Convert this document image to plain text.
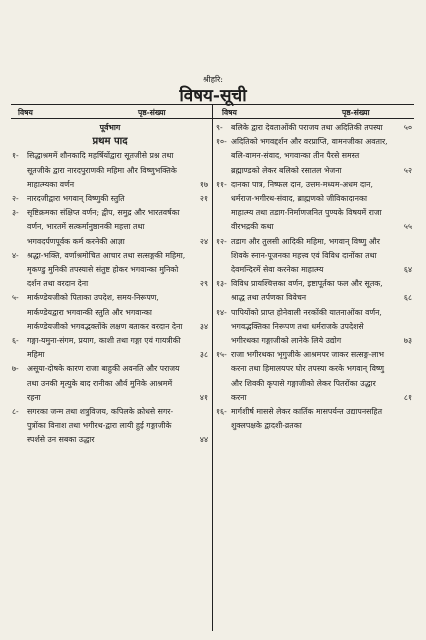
श्रीहरि:
विषय-सूची
विषय	पृष्ठ-संख्या	विषय	पृष्ठ-संख्या
पूर्वभाग
प्रथम पाद
१- सिद्धाश्रममें शौनकादि महर्षियोंद्वारा सूतजीसे प्रश्न तथा सूतजीके द्वारा नारदपुराणकी महिमा और विष्णुभक्तिके माहात्म्यका वर्णन	१७
२- नारदजीद्वारा भगवान् विष्णुकी स्तुति	२१
३- सृष्टिक्रमका संक्षिप्त वर्णन; द्वीप, समुद्र और भारतवर्षका वर्णन, भारतमें सत्कर्मानुष्ठानकी महत्ता तथा भगवदर्पणपूर्वक कर्म करनेकी आज्ञा	२४
४- श्रद्धा-भक्ति, वर्णाश्रमोचित आचार तथा सत्सङ्गकी महिमा, मृकण्डु मुनिकी तपस्यासे संतुष्ट होकर भगवान्का मुनिको दर्शन तथा वरदान देना	२९
५- मार्कण्डेयजीको पिताका उपदेश, समय-निरूपण, मार्कण्डेयद्वारा भगवान्की स्तुति और भगवान्का मार्कण्डेयजीको भगवद्भक्तोंके लक्षण बताकर वरदान देना ३४
६- गङ्गा-यमुना-संगम, प्रयाग, काशी तथा गङ्गा एवं गायत्रीकी महिमा	३८
७- असूया-दोषके कारण राजा बाहुकी अवनति और पराजय तथा उनकी मृत्युके बाद रानीका और्व मुनिके आश्रममें रहना	४१
८- सगरका जन्म तथा शत्रुविजय, कपिलके क्रोधसे सगर-पुत्रोंका विनाश तथा भगीरथ-द्वारा लायी हुई गङ्गाजीके स्पर्शसे उन सबका उद्धार	४४
९- बलिके द्वारा देवताओंकी पराजय तथा अदितिकी तपस्या	५०
१०- अदितिको भगवद्दर्शन और वरप्राप्ति, वामनजीका अवतार, बलि-वामन-संवाद, भगवान्का तीन पैरसे समस्त ब्रह्माण्डको लेकर बलिको रसातल भेजना	५२
११- दानका पात्र, निष्फल दान, उत्तम-मध्यम-अधम दान, धर्मराज-भगीरथ-संवाद, ब्राह्मणको जीविकादानका माहात्म्य तथा तडाग-निर्माणजनित पुण्यके विषयमें राजा वीरभद्रकी कथा	५५
१२- तडाग और तुलसी आदिकी महिमा, भगवान् विष्णु और शिवके स्नान-पूजनका महत्त्व एवं विविध दानोंका तथा देवमन्दिरमें सेवा करनेका माहात्म्य	६४
१३- विविध प्रायश्चित्तका वर्णन, इष्टापूर्तका फल और सूतक, श्राद्ध तथा तर्पणका विवेचन	६८
१४- पापियोंको प्राप्त होनेवाली नरकोंकी यातनाओंका वर्णन, भगवद्भक्तिका निरूपण तथा धर्मराजके उपदेशसे भगीरथका गङ्गाजीको लानेके लिये उद्योग	७३
१५- राजा भगीरथका भृगुजीके आश्रमपर जाकर सत्सङ्ग-लाभ करना तथा हिमालयपर घोर तपस्या करके भगवान् विष्णु और शिवकी कृपासे गङ्गाजीको लेकर पितरोंका उद्धार करना	८१
१६- मार्गशीर्ष माससे लेकर कार्तिक मासपर्यन्त उद्यापनसहित शुक्लपक्षके द्वादशी-व्रतका
